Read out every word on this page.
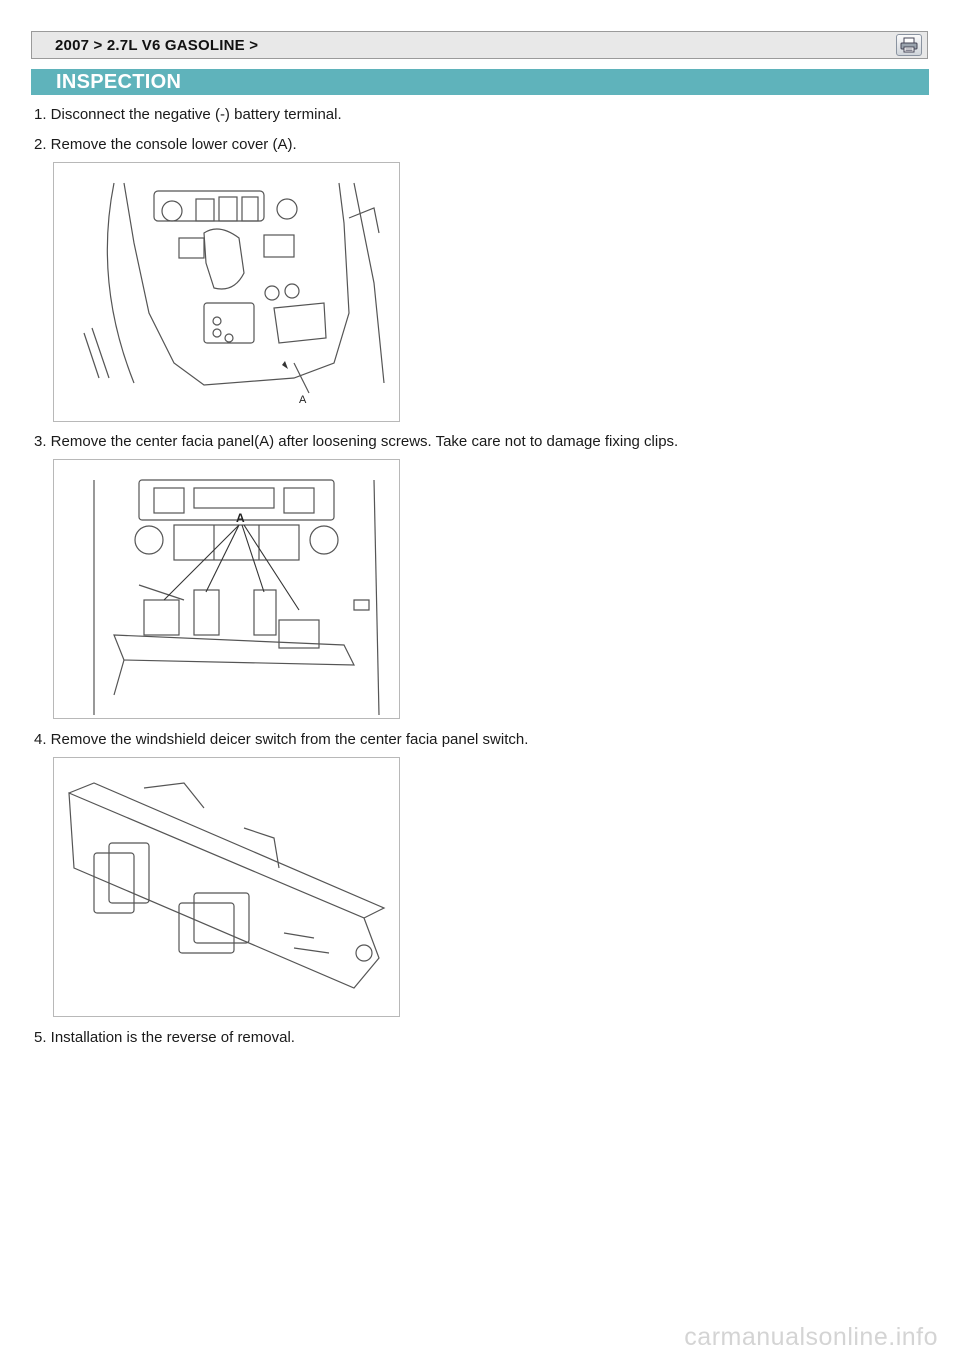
2007 > 2.7L V6 GASOLINE >
INSPECTION
1. Disconnect the negative (-) battery terminal.
2. Remove the console lower cover (A).
A
3. Remove the center facia panel(A) after loosening screws. Take care not to damage fixing clips.
A
4. Remove the windshield deicer switch from the center facia panel switch.
5. Installation is the reverse of removal.
carmanualsonline.info
